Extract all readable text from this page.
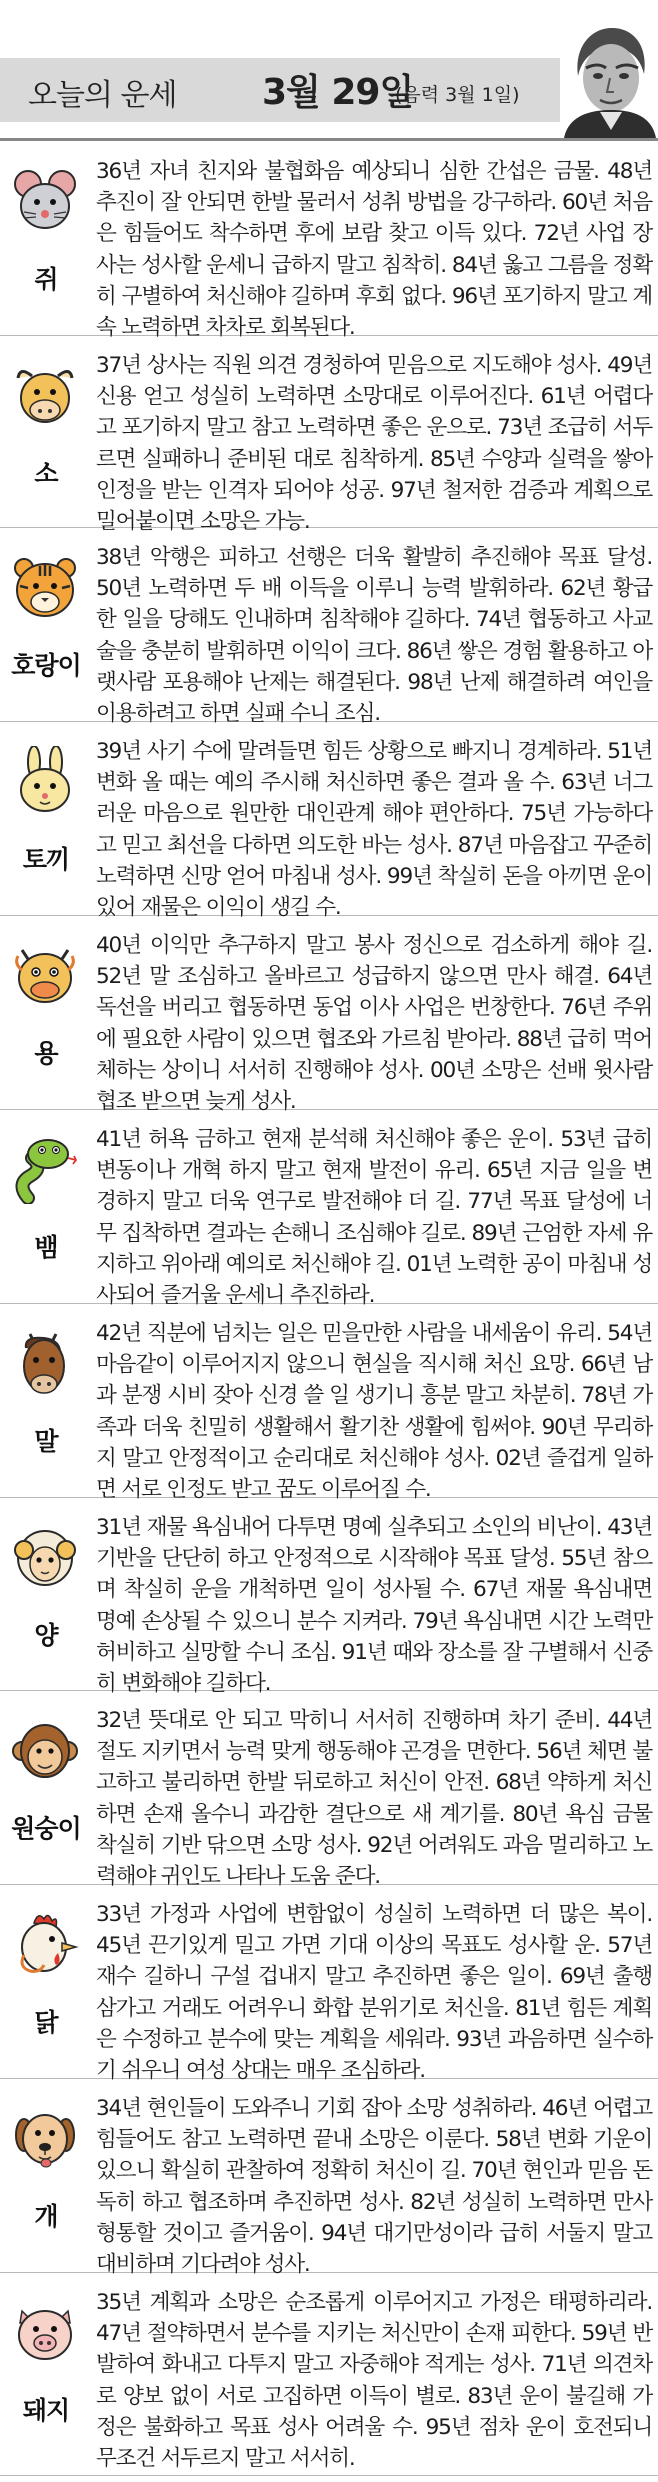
오늘의 운세 3월 29일
(음력 3월 1일)
쥐

36년 자녀 친지와 불협화음 예상되니 심한 간섭은 금물. 48년 추진이 잘 안되면 한발 물러서 성취 방법을 강구하라. 60년 처음은 힘들어도 착수하면 후에 보람 찾고 이득 있다. 72년 사업 장사는 성사할 운세니 급하지 말고 침착히. 84년 옳고 그름을 정확히 구별하여 처신해야 길하며 후회 없다. 96년 포기하지 말고 계속 노력하면 차차로 회복된다.

소

37년 상사는 직원 의견 경청하여 믿음으로 지도해야 성사. 49년 신용 얻고 성실히 노력하면 소망대로 이루어진다. 61년 어렵다고 포기하지 말고 참고 노력하면 좋은 운으로. 73년 조급히 서두르면 실패하니 준비된 대로 침착하게. 85년 수양과 실력을 쌓아 인정을 받는 인격자 되어야 성공. 97년 철저한 검증과 계획으로 밀어붙이면 소망은 가능.

호랑이

38년 악행은 피하고 선행은 더욱 활발히 추진해야 목표 달성. 50년 노력하면 두 배 이득을 이루니 능력 발휘하라. 62년 황급한 일을 당해도 인내하며 침착해야 길하다. 74년 협동하고 사교술을 충분히 발휘하면 이익이 크다. 86년 쌓은 경험 활용하고 아랫사람 포용해야 난제는 해결된다. 98년 난제 해결하려 여인을 이용하려고 하면 실패 수니 조심.

토끼

39년 사기 수에 말려들면 힘든 상황으로 빠지니 경계하라. 51년 변화 올 때는 예의 주시해 처신하면 좋은 결과 올 수. 63년 너그러운 마음으로 원만한 대인관계 해야 편안하다. 75년 가능하다고 믿고 최선을 다하면 의도한 바는 성사. 87년 마음잡고 꾸준히 노력하면 신망 얻어 마침내 성사. 99년 착실히 돈을 아끼면 운이 있어 재물은 이익이 생길 수.

용

40년 이익만 추구하지 말고 봉사 정신으로 검소하게 해야 길. 52년 말 조심하고 올바르고 성급하지 않으면 만사 해결. 64년 독선을 버리고 협동하면 동업 이사 사업은 번창한다. 76년 주위에 필요한 사람이 있으면 협조와 가르침 받아라. 88년 급히 먹어 체하는 상이니 서서히 진행해야 성사. 00년 소망은 선배 윗사람 협조 받으면 늦게 성사.

뱀

41년 허욕 금하고 현재 분석해 처신해야 좋은 운이. 53년 급히 변동이나 개혁 하지 말고 현재 발전이 유리. 65년 지금 일을 변경하지 말고 더욱 연구로 발전해야 더 길. 77년 목표 달성에 너무 집착하면 결과는 손해니 조심해야 길로. 89년 근엄한 자세 유지하고 위아래 예의로 처신해야 길. 01년 노력한 공이 마침내 성사되어 즐거울 운세니 추진하라.

말

42년 직분에 넘치는 일은 믿을만한 사람을 내세움이 유리. 54년 마음같이 이루어지지 않으니 현실을 직시해 처신 요망. 66년 남과 분쟁 시비 잦아 신경 쓸 일 생기니 흥분 말고 차분히. 78년 가족과 더욱 친밀히 생활해서 활기찬 생활에 힘써야. 90년 무리하지 말고 안정적이고 순리대로 처신해야 성사. 02년 즐겁게 일하면 서로 인정도 받고 꿈도 이루어질 수.

양

31년 재물 욕심내어 다투면 명예 실추되고 소인의 비난이. 43년 기반을 단단히 하고 안정적으로 시작해야 목표 달성. 55년 참으며 착실히 운을 개척하면 일이 성사될 수. 67년 재물 욕심내면 명예 손상될 수 있으니 분수 지켜라. 79년 욕심내면 시간 노력만 허비하고 실망할 수니 조심. 91년 때와 장소를 잘 구별해서 신중히 변화해야 길하다.

원숭이

32년 뜻대로 안 되고 막히니 서서히 진행하며 차기 준비. 44년 절도 지키면서 능력 맞게 행동해야 곤경을 면한다. 56년 체면 불고하고 불리하면 한발 뒤로하고 처신이 안전. 68년 약하게 처신하면 손재 올수니 과감한 결단으로 새 계기를. 80년 욕심 금물 착실히 기반 닦으면 소망 성사. 92년 어려워도 과음 멀리하고 노력해야 귀인도 나타나 도움 준다.

닭

33년 가정과 사업에 변함없이 성실히 노력하면 더 많은 복이. 45년 끈기있게 밀고 가면 기대 이상의 목표도 성사할 운. 57년 재수 길하니 구설 겁내지 말고 추진하면 좋은 일이. 69년 출행 삼가고 거래도 어려우니 화합 분위기로 처신을. 81년 힘든 계획은 수정하고 분수에 맞는 계획을 세워라. 93년 과음하면 실수하기 쉬우니 여성 상대는 매우 조심하라.

개

34년 현인들이 도와주니 기회 잡아 소망 성취하라. 46년 어렵고 힘들어도 참고 노력하면 끝내 소망은 이룬다. 58년 변화 기운이 있으니 확실히 관찰하여 정확히 처신이 길. 70년 현인과 믿음 돈독히 하고 협조하며 추진하면 성사. 82년 성실히 노력하면 만사형통할 것이고 즐거움이. 94년 대기만성이라 급히 서둘지 말고 대비하며 기다려야 성사.

돼지

35년 계획과 소망은 순조롭게 이루어지고 가정은 태평하리라. 47년 절약하면서 분수를 지키는 처신만이 손재 피한다. 59년 반발하여 화내고 다투지 말고 자중해야 적게는 성사. 71년 의견차로 양보 없이 서로 고집하면 이득이 별로. 83년 운이 불길해 가정은 불화하고 목표 성사 어려울 수. 95년 점차 운이 호전되니 무조건 서두르지 말고 서서히.
